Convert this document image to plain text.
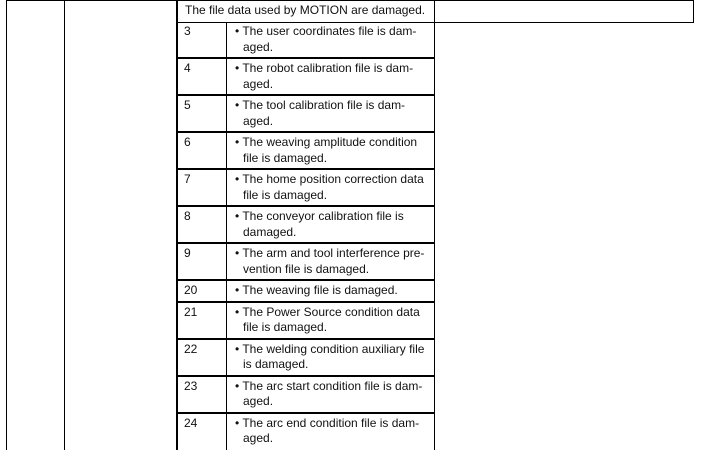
The file data used by MOTION are damaged.
3	• The user coordinates file is dam-
aged.

4	• The robot calibration file is dam-
aged.

5	• The tool calibration file is dam-
aged.

6	• The weaving amplitude condition
file is damaged.

7	• The home position correction data
file is damaged.

8	• The conveyor calibration file is
damaged.

9	• The arm and tool interference pre-
vention file is damaged.

20	• The weaving file is damaged.

21	• The Power Source condition data
file is damaged.

22	• The welding condition auxiliary file
is damaged.

23	• The arc start condition file is dam-
aged.

24	• The arc end condition file is dam-
aged.
